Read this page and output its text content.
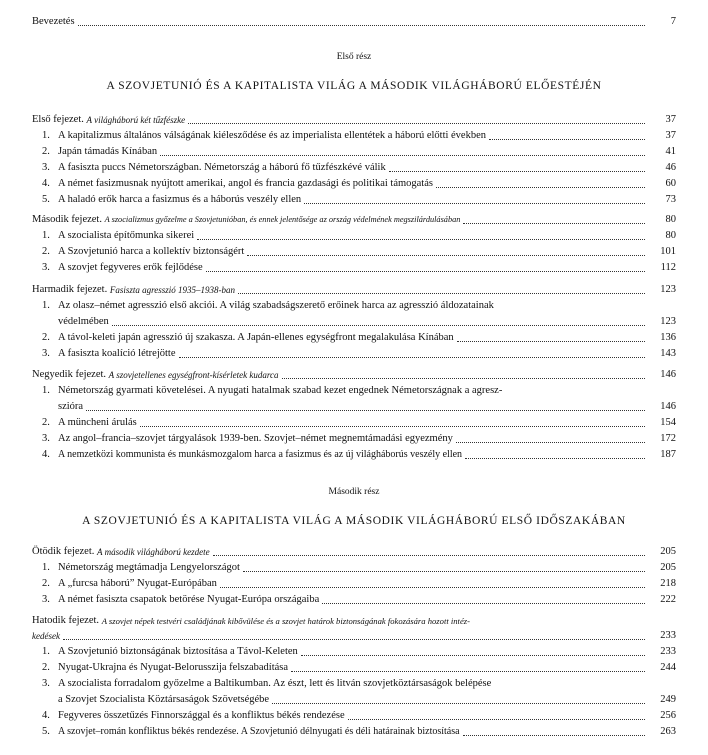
Bevezetés	7
Első rész
A SZOVJETUNIÓ ÉS A KAPITALISTA VILÁG A MÁSODIK VILÁGHÁBORÚ ELŐESTÉJÉN
Első fejezet.
A világháború két tűzfészke	37
1. A kapitalizmus általános válságának kiélesződése és az imperialista ellentétek a háború előtti években	37
2. Japán támadás Kínában	41
3. A fasiszta puccs Németországban. Németország a háború fő tűzfészkévé válik	46
4. A német fasizmusnak nyújtott amerikai, angol és francia gazdasági és politikai támogatás	60
5. A haladó erők harca a fasizmus és a háborús veszély ellen	73
Második fejezet.
A szocializmus győzelme a Szovjetunióban, és ennek jelentősége az ország védelmének megszilárdulásában	80
1. A szocialista építőmunka sikerei	80
2. A Szovjetunió harca a kollektív biztonságért	101
3. A szovjet fegyveres erők fejlődése	112
Harmadik fejezet.
Fasiszta agresszió 1935–1938-ban	123
1. Az olasz–német agresszió első akciói. A világ szabadságszerető erőinek harca az agresszió áldozatainak
védelmében	123
2. A távol-keleti japán agresszió új szakasza. A Japán-ellenes egységfront megalakulása Kínában	136
3. A fasiszta koalíció létrejötte	143
Negyedik fejezet.
A szovjetellenes egységfront-kísérletek kudarca	146
1. Németország gyarmati követelései. A nyugati hatalmak szabad kezet engednek Németországnak a agresz-
szióra	146
2. A müncheni árulás	154
3. Az angol–francia–szovjet tárgyalások 1939-ben. Szovjet–német megnemtámadási egyezmény	172
4. A nemzetközi kommunista és munkásmozgalom harca a fasizmus és az új világháborús veszély ellen	187
Második rész
A SZOVJETUNIÓ ÉS A KAPITALISTA VILÁG A MÁSODIK VILÁGHÁBORÚ ELSŐ IDŐSZAKÁBAN
Ötödik fejezet.
A második világháború kezdete	205
1. Németország megtámadja Lengyelországot	205
2. A „furcsa háború” Nyugat-Európában	218
3. A német fasiszta csapatok betörése Nyugat-Európa országaiba	222
Hatodik fejezet.
A szovjet népek testvéri családjának kibővülése és a szovjet határok biztonságának fokozására hozott intéz-
kedések	233
1. A Szovjetunió biztonságának biztosítása a Távol-Keleten	233
2. Nyugat-Ukrajna és Nyugat-Belorusszija felszabadítása	244
3. A szocialista forradalom győzelme a Baltikumban. Az észt, lett és litván szovjetköztársaságok belépése
a Szovjet Szocialista Köztársaságok Szövetségébe	249
4. Fegyveres összetűzés Finnországgal és a konfliktus békés rendezése	256
5. A szovjet–román konfliktus békés rendezése. A Szovjetunió délnyugati és déli határainak biztosítása	263
